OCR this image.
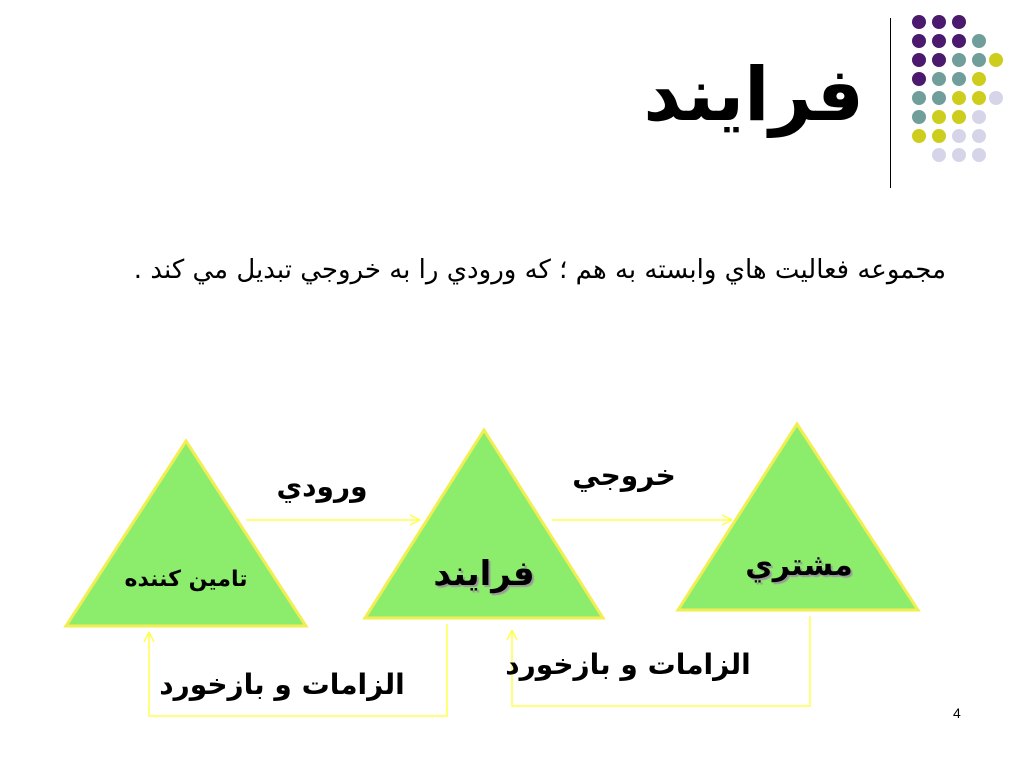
فرايند
مجموعه فعاليت هاي وابسته به هم ؛ كه ورودي را به خروجي تبديل مي كند .
تامين كننده	فرايند	مشتري
ورودي	خروجي
الزامات و بازخورد
الزامات و بازخورد
4
